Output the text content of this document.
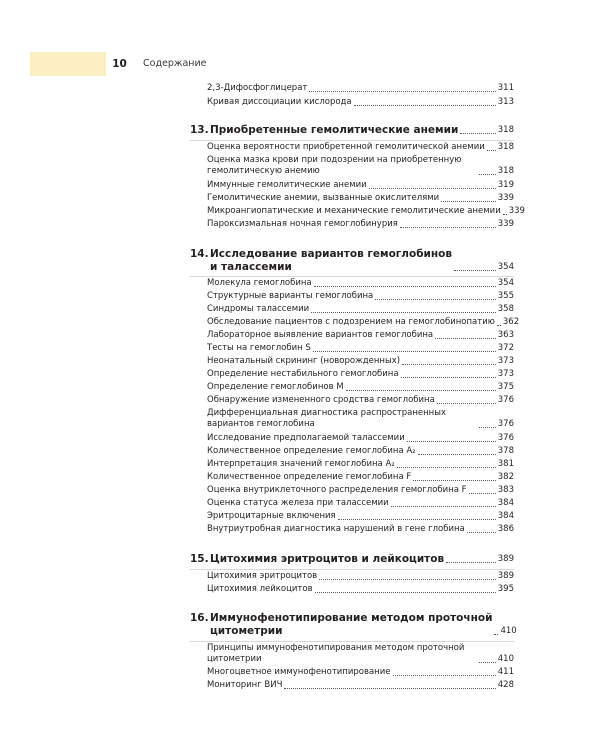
10	Содержание
2,3-Дифосфоглицерат	311
Кривая диссоциации кислорода	313
13. Приобретенные гемолитические анемии	318
Оценка вероятности приобретенной гемолитической анемии 318
Оценка мазка крови при подозрении на приобретенную гемолитическую анемию	318
Иммунные гемолитические анемии	319
Гемолитические анемии, вызванные окислителями	339
Микроангиопатические и механические гемолитические анемии 339
Пароксизмальная ночная гемоглобинурия	339
14. Исследование вариантов гемоглобинов
и талассемии	354
Молекула гемоглобина	354
Структурные варианты гемоглобина	355
Синдромы талассемии	358
Обследование пациентов с подозрением на гемоглобинопатию 362
Лабораторное выявление вариантов гемоглобина	363
Тесты на гемоглобин S	372
Неонатальный скрининг (новорожденных)	373
Определение нестабильного гемоглобина	373
Определение гемоглобинов M	375
Обнаружение измененного сродства гемоглобина	376
Дифференциальная диагностика распространенных вариантов гемоглобина	376
Исследование предполагаемой талассемии	376
Количественное определение гемоглобина A₂	378
Интерпретация значений гемоглобина A₂	381
Количественное определение гемоглобина F	382
Оценка внутриклеточного распределения гемоглобина F	383
Оценка статуса железа при талассемии	384
Эритроцитарные включения	384
Внутриутробная диагностика нарушений в гене глобина	386
15. Цитохимия эритроцитов и лейкоцитов	389
Цитохимия эритроцитов	389
Цитохимия лейкоцитов	395
16. Иммунофенотипирование методом проточной
цитометрии	410
Принципы иммунофенотипирования методом проточной цитометрии	410
Многоцветное иммунофенотипирование	411
Мониторинг ВИЧ	428
